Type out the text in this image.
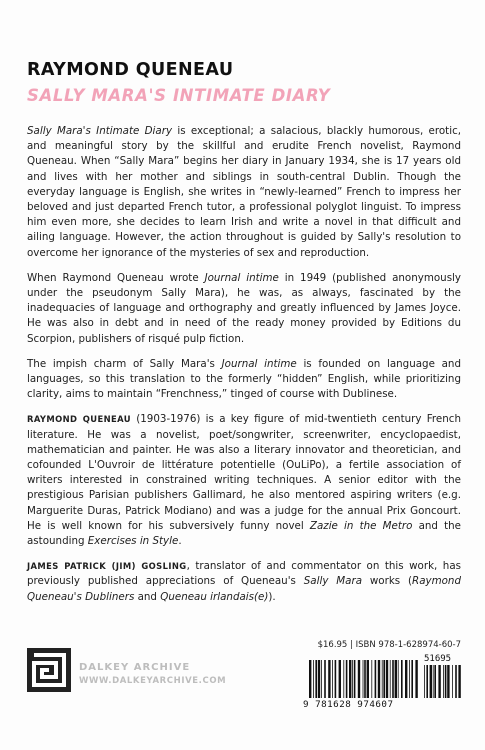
RAYMOND QUENEAU
SALLY MARA'S INTIMATE DIARY

Sally Mara's Intimate Diary is exceptional; a salacious, blackly humorous, erotic, and meaningful story by the skillful and erudite French novelist, Raymond Queneau. When “Sally Mara” begins her diary in January 1934, she is 17 years old and lives with her mother and siblings in south-central Dublin. Though the everyday language is English, she writes in “newly-learned” French to impress her beloved and just departed French tutor, a professional polyglot linguist. To impress him even more, she decides to learn Irish and write a novel in that difficult and ailing language. However, the action throughout is guided by Sally's resolution to overcome her ignorance of the mysteries of sex and reproduction.

When Raymond Queneau wrote Journal intime in 1949 (published anonymously under the pseudonym Sally Mara), he was, as always, fascinated by the inadequacies of language and orthography and greatly influenced by James Joyce. He was also in debt and in need of the ready money provided by Editions du Scorpion, publishers of risqué pulp fiction.

The impish charm of Sally Mara's Journal intime is founded on language and languages, so this translation to the formerly “hidden” English, while prioritizing clarity, aims to maintain “Frenchness,” tinged of course with Dublinese.

RAYMOND QUENEAU (1903-1976) is a key figure of mid-twentieth century French literature. He was a novelist, poet/songwriter, screenwriter, encyclopaedist, mathematician and painter. He was also a literary innovator and theoretician, and cofounded L'Ouvroir de littérature potentielle (OuLiPo), a fertile association of writers interested in constrained writing techniques. A senior editor with the prestigious Parisian publishers Gallimard, he also mentored aspiring writers (e.g. Marguerite Duras, Patrick Modiano) and was a judge for the annual Prix Goncourt. He is well known for his subversively funny novel Zazie in the Metro and the astounding Exercises in Style.

JAMES PATRICK (JIM) GOSLING, translator of and commentator on this work, has previously published appreciations of Queneau's Sally Mara works (Raymond Queneau's Dubliners and Queneau irlandais(e)).

DALKEY ARCHIVE
WWW.DALKEYARCHIVE.COM
$16.95 | ISBN 978-1-628974-60-7
51695
9 781628 974607
